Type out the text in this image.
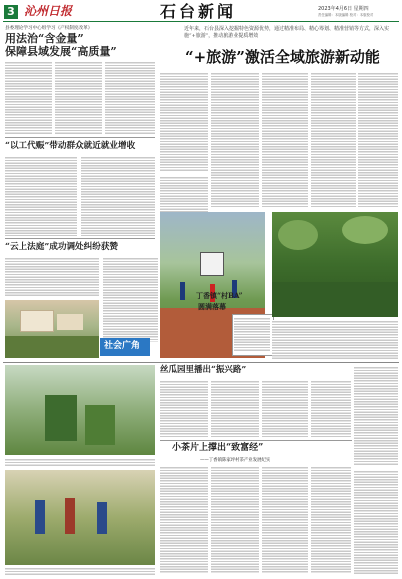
3 沁州日报	石台新闻	2023年4月6日 星期四
责任编辑：本版编辑 校对：本版校对
县委理论学习中心组学习《产权制度改革》
用法治“含金量”
保障县域发展“高质量”
“以工代赈”带动群众就近就业增收
“云上法庭”成功调处纠纷获赞
社会广角
近年来，石台县深入挖掘特色资源优势，通过精准布局、精心筹划、精准营销等方式，深入实施“+旅游”，推动旅游业提质增效
“+旅游”激活全域旅游新动能
丁香镇“村BA”
圆满落幕
丝瓜园里播出“振兴路”
小茶片上撑出“致富经”
——丁香镇陈家坪村茶产业发展纪实
